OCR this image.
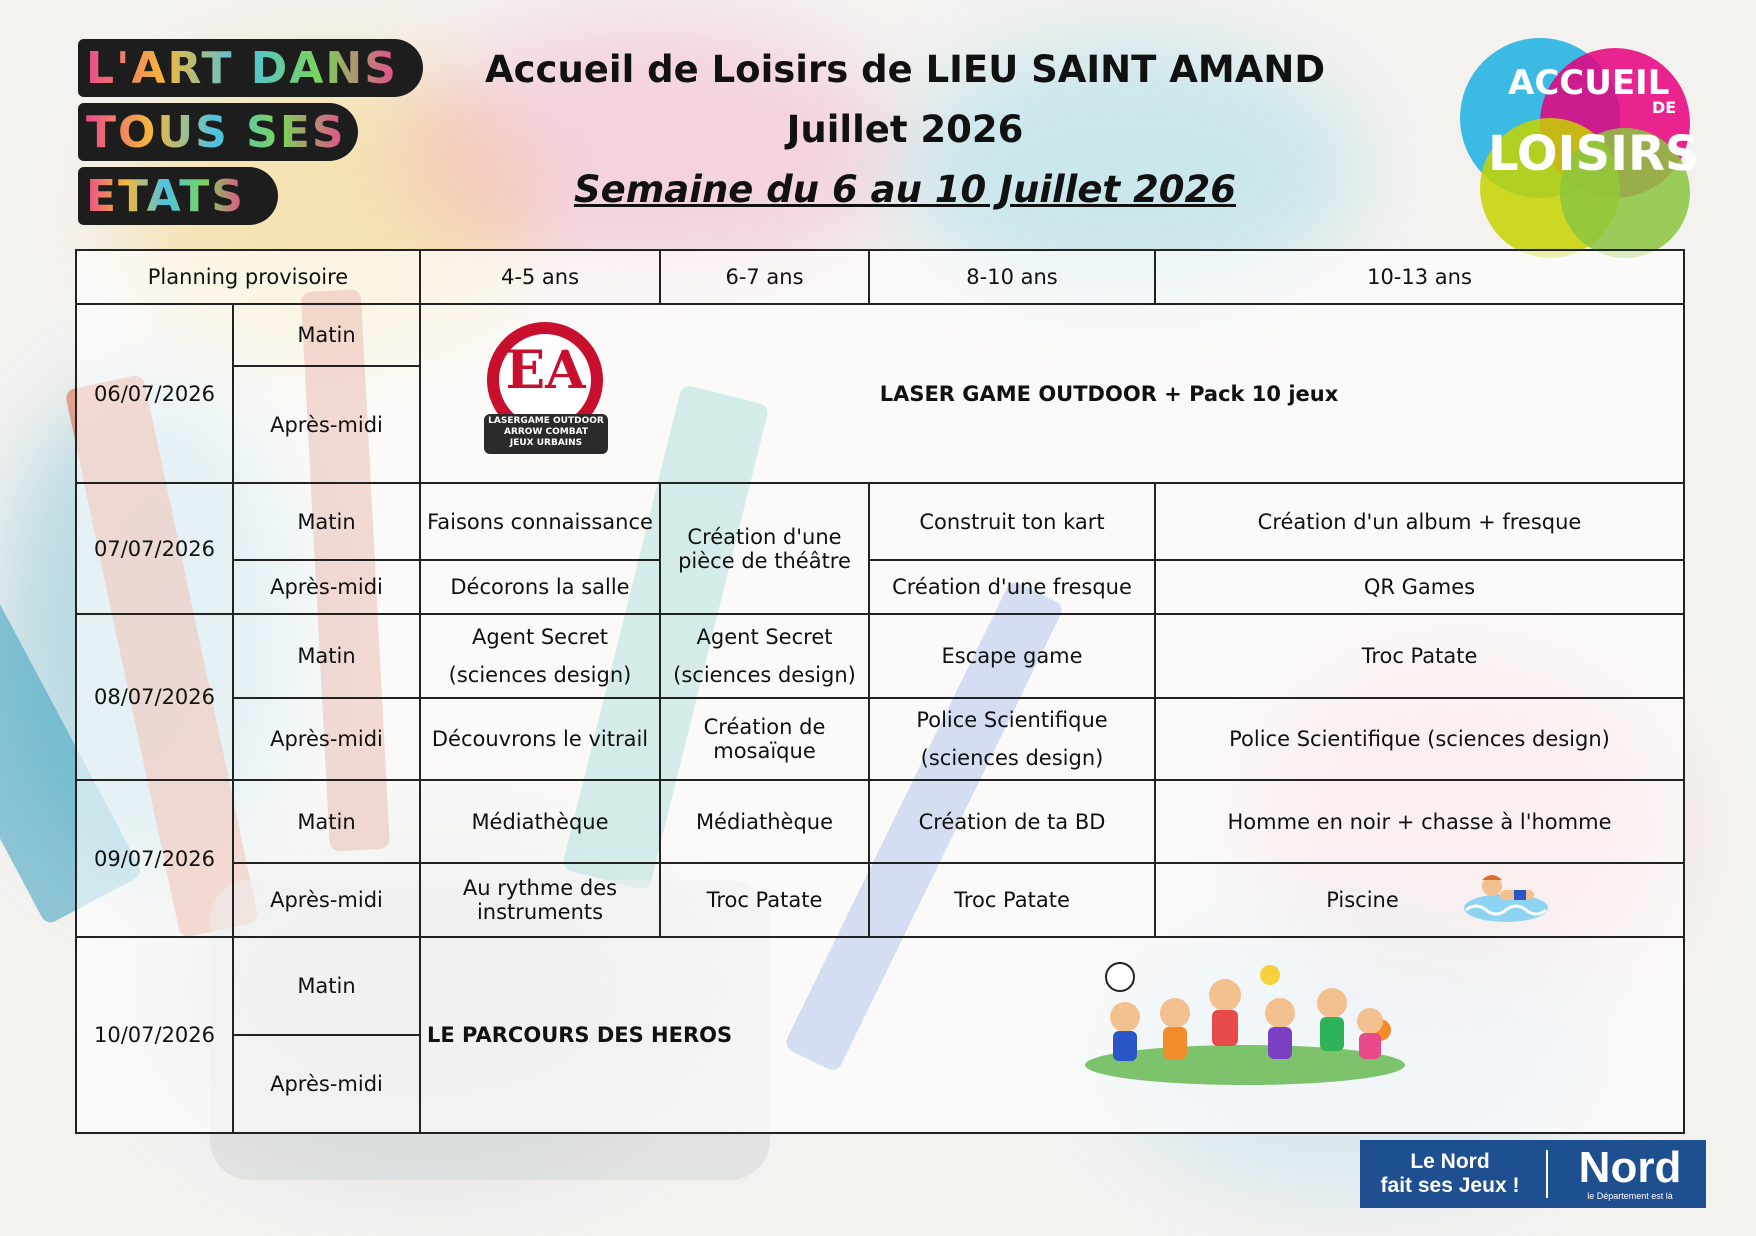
L'ART DANS
TOUS SES
ETATS
Accueil de Loisirs de LIEU SAINT AMAND
Juillet 2026
Semaine du 6 au 10 Juillet 2026
ACCUEIL
DE
LOISIRS
Planning provisoire		4-5 ans	6-7 ans	8-10 ans	10-13 ans
06/07/2026	Matin	LASER GAME OUTDOOR + Pack 10 jeux			
	Après-midi				
07/07/2026	Matin	Faisons connaissance	Création d'une pièce de théâtre	Construit ton kart	Création d'un album + fresque
	Après-midi	Décorons la salle		Création d'une fresque	QR Games
08/07/2026	Matin	Agent Secret (sciences design)	Agent Secret (sciences design)	Escape game	Troc Patate
	Après-midi	Découvrons le vitrail	Création de mosaïque	Police Scientifique (sciences design)	Police Scientifique (sciences design)
09/07/2026	Matin	Médiathèque	Médiathèque	Création de ta BD	Homme en noir + chasse à l'homme
	Après-midi	Au rythme des instruments	Troc Patate	Troc Patate	Piscine
10/07/2026	Matin	LE PARCOURS DES HEROS			
	Après-midi				
EA
LASERGAME OUTDOOR
ARROW COMBAT
JEUX URBAINS
Le Nord
fait ses Jeux !	Nord
le Département est là
